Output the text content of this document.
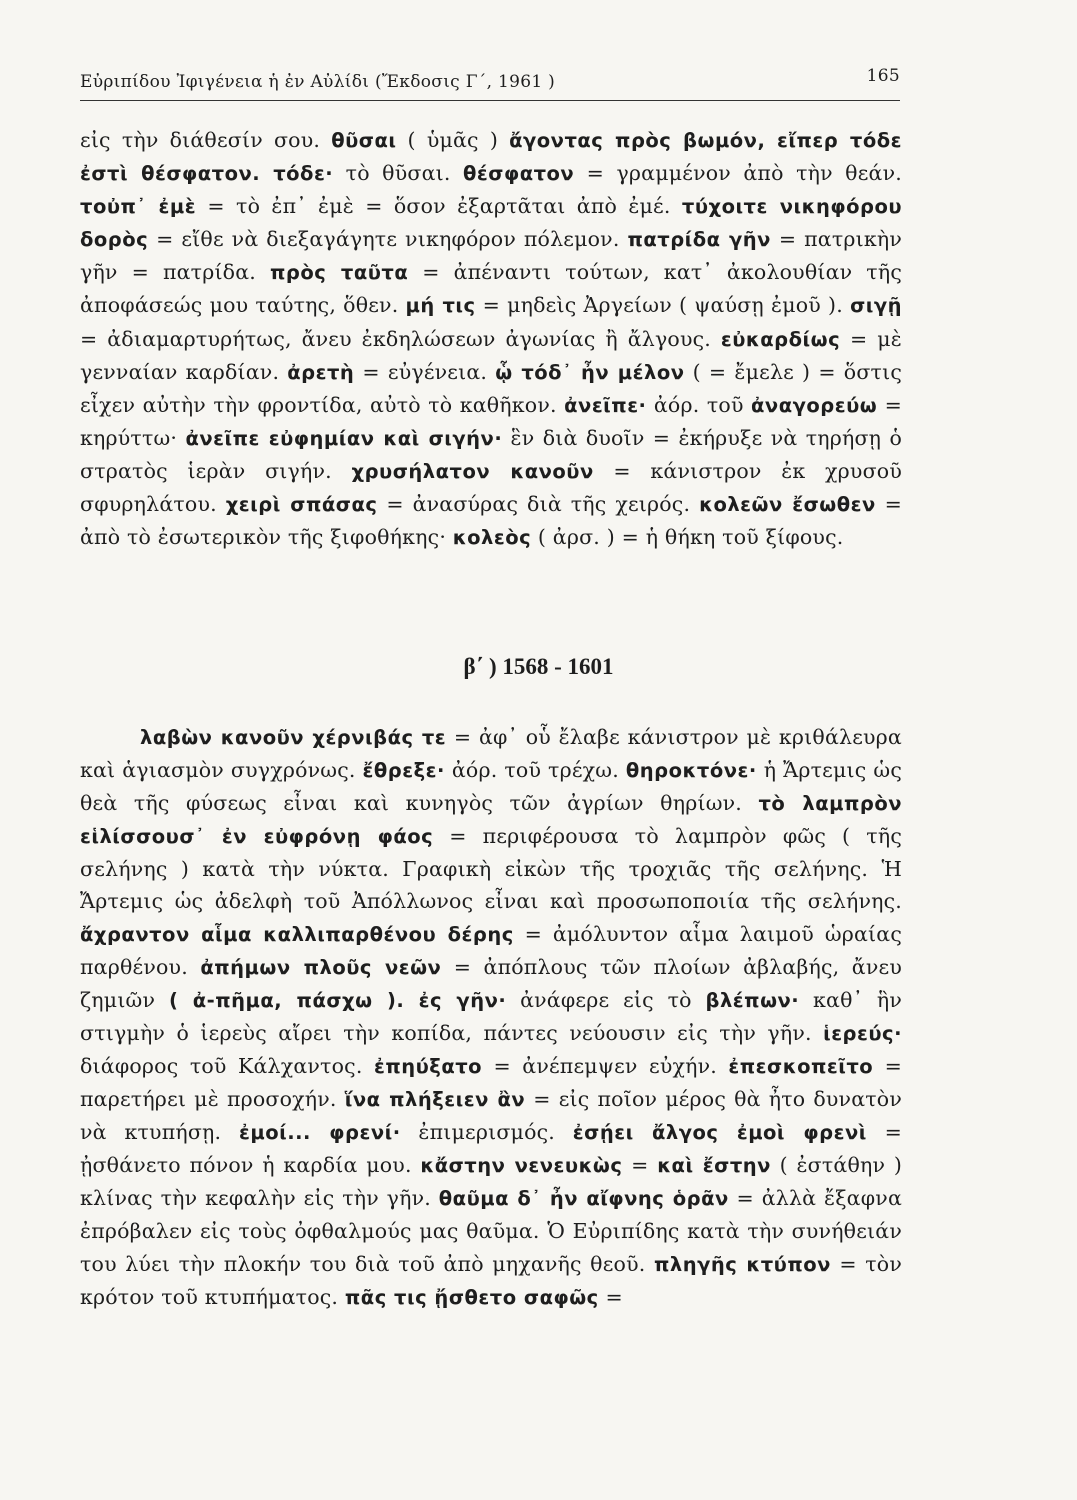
Εὐριπίδου Ἰφιγένεια ἡ ἐν Αὐλίδι (Ἔκδοσις Γ΄, 1961 )	165

εἰς τὴν διάθεσίν σου. θῦσαι ( ὑμᾶς ) ἄγοντας πρὸς βωμόν, εἴπερ τόδε ἐστὶ θέσφατον. τόδε· τὸ θῦσαι. θέσφατον = γραμμένον ἀπὸ τὴν θεάν. τοὐπ᾽ ἐμὲ = τὸ ἐπ᾽ ἐμὲ = ὅσον ἐξαρτᾶται ἀπὸ ἐμέ. τύχοιτε νικηφόρου δορὸς = εἴθε νὰ διεξαγάγητε νικηφόρον πόλεμον. πατρίδα γῆν = πατρικὴν γῆν = πατρίδα. πρὸς ταῦτα = ἀπέναντι τούτων, κατ᾽ ἀκολουθίαν τῆς ἀποφάσεώς μου ταύτης, ὅθεν. μή τις = μηδεὶς Ἀργείων ( ψαύσῃ ἐμοῦ ). σιγῇ = ἀδιαμαρτυρήτως, ἄνευ ἐκδηλώσεων ἀγωνίας ἢ ἄλγους. εὐκαρδίως = μὲ γενναίαν καρδίαν. ἀρετὴ = εὐγένεια. ᾧ τόδ᾽ ἦν μέλον ( = ἔμελε ) = ὅστις εἶχεν αὐτὴν τὴν φροντίδα, αὐτὸ τὸ καθῆκον. ἀνεῖπε· ἀόρ. τοῦ ἀναγορεύω = κηρύττω· ἀνεῖπε εὐφημίαν καὶ σιγήν· ἓν διὰ δυοῖν = ἐκήρυξε νὰ τηρήσῃ ὁ στρατὸς ἱερὰν σιγήν. χρυσήλατον κανοῦν = κάνιστρον ἐκ χρυσοῦ σφυρηλάτου. χειρὶ σπάσας = ἀνασύρας διὰ τῆς χειρός. κολεῶν ἔσωθεν = ἀπὸ τὸ ἐσωτερικὸν τῆς ξιφοθήκης· κολεὸς ( ἀρσ. ) = ἡ θήκη τοῦ ξίφους.

β΄ ) 1568 - 1601

λαβὼν κανοῦν χέρνιβάς τε = ἀφ᾽ οὗ ἔλαβε κάνιστρον μὲ κριθάλευρα καὶ ἁγιασμὸν συγχρόνως. ἔθρεξε· ἀόρ. τοῦ τρέχω. θηροκτόνε· ἡ Ἄρτεμις ὡς θεὰ τῆς φύσεως εἶναι καὶ κυνηγὸς τῶν ἀγρίων θηρίων. τὸ λαμπρὸν εἱλίσσουσ᾽ ἐν εὐφρόνῃ φάος = περιφέρουσα τὸ λαμπρὸν φῶς ( τῆς σελήνης ) κατὰ τὴν νύκτα. Γραφικὴ εἰκὼν τῆς τροχιᾶς τῆς σελήνης. Ἡ Ἄρτεμις ὡς ἀδελφὴ τοῦ Ἀπόλλωνος εἶναι καὶ προσωποποιία τῆς σελήνης. ἄχραντον αἷμα καλλιπαρθένου δέρης = ἀμόλυντον αἷμα λαιμοῦ ὡραίας παρθένου. ἀπήμων πλοῦς νεῶν = ἀπόπλους τῶν πλοίων ἀβλαβής, ἄνευ ζημιῶν ( ἀ-πῆμα, πάσχω ). ἐς γῆν· ἀνάφερε εἰς τὸ βλέπων· καθ᾽ ἣν στιγμὴν ὁ ἱερεὺς αἴρει τὴν κοπίδα, πάντες νεύουσιν εἰς τὴν γῆν. ἱερεύς· διάφορος τοῦ Κάλχαντος. ἐπηύξατο = ἀνέπεμψεν εὐχήν. ἐπεσκοπεῖτο = παρετήρει μὲ προσοχήν. ἵνα πλήξειεν ἂν = εἰς ποῖον μέρος θὰ ἦτο δυνατὸν νὰ κτυπήσῃ. ἐμοί... φρενί· ἐπιμερισμός. ἐσῄει ἄλγος ἐμοὶ φρενὶ = ᾐσθάνετο πόνον ἡ καρδία μου. κἄστην νενευκὼς = καὶ ἔστην ( ἐστάθην ) κλίνας τὴν κεφαλὴν εἰς τὴν γῆν. θαῦμα δ᾽ ἦν αἴφνης ὁρᾶν = ἀλλὰ ἔξαφνα ἐπρόβαλεν εἰς τοὺς ὀφθαλμούς μας θαῦμα. Ὁ Εὐριπίδης κατὰ τὴν συνήθειάν του λύει τὴν πλοκήν του διὰ τοῦ ἀπὸ μηχανῆς θεοῦ. πληγῆς κτύπον = τὸν κρότον τοῦ κτυπήματος. πᾶς τις ᾔσθετο σαφῶς =
